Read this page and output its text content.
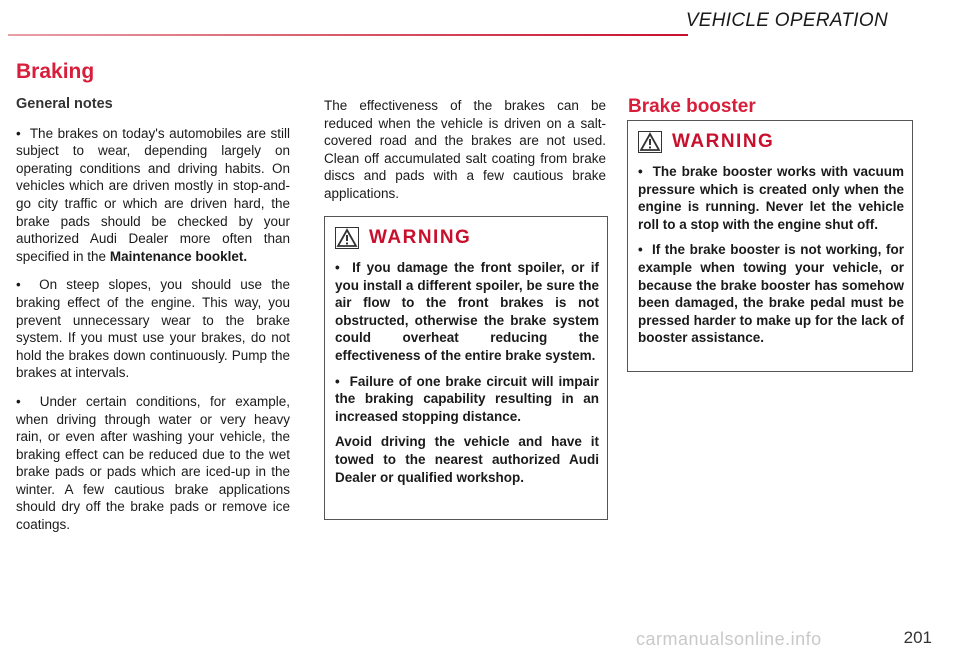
VEHICLE OPERATION
Braking

General notes

•  The brakes on today's automobiles are still subject to wear, depending largely on operating conditions and driving habits. On vehicles which are driven mostly in stop-and-go city traffic or which are driven hard, the brake pads should be checked by your authorized Audi Dealer more often than specified in the Maintenance booklet.

•  On steep slopes, you should use the braking effect of the engine. This way, you prevent unnecessary wear to the brake system. If you must use your brakes, do not hold the brakes down continuously. Pump the brakes at intervals.

•  Under certain conditions, for example, when driving through water or very heavy rain, or even after washing your vehicle, the braking effect can be reduced due to the wet brake pads or pads which are iced-up in the winter. A few cautious brake applications should dry off the brake pads or remove ice coatings.

The effectiveness of the brakes can be reduced when the vehicle is driven on a salt-covered road and the brakes are not used. Clean off accumulated salt coating from brake discs and pads with a few cautious brake applications.

WARNING

•  If you damage the front spoiler, or if you install a different spoiler, be sure the air flow to the front brakes is not obstructed, otherwise the brake system could overheat reducing the effectiveness of the entire brake system.

•  Failure of one brake circuit will impair the braking capability resulting in an increased stopping distance.

Avoid driving the vehicle and have it towed to the nearest authorized Audi Dealer or qualified workshop.

Brake booster
WARNING

•  The brake booster works with vacuum pressure which is created only when the engine is running. Never let the vehicle roll to a stop with the engine shut off.

•  If the brake booster is not working, for example when towing your vehicle, or because the brake booster has somehow been damaged, the brake pedal must be pressed harder to make up for the lack of booster assistance.

carmanualsonline.info	201
